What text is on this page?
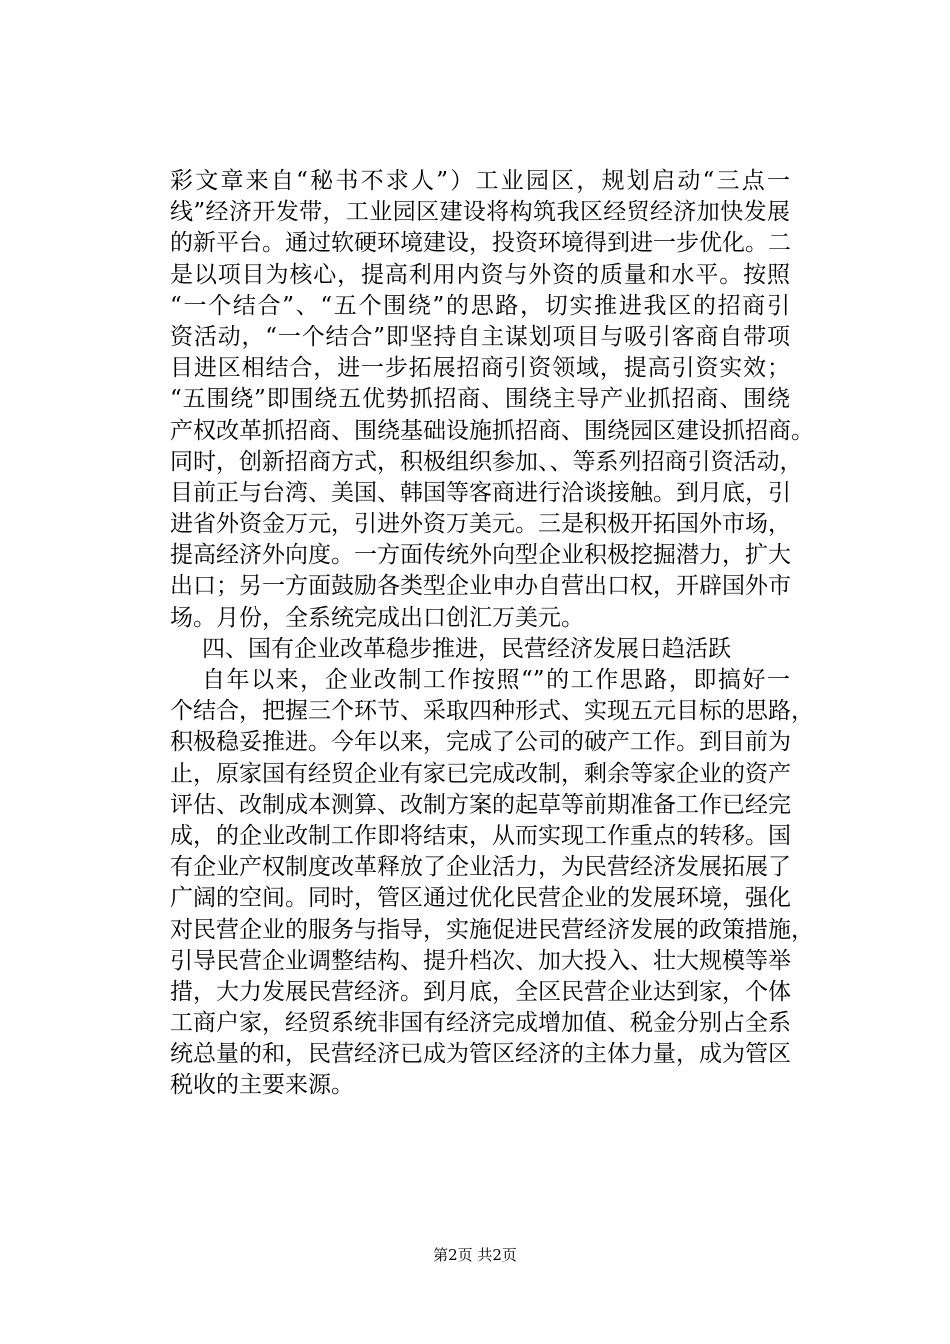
彩文章来自“秘书不求人”）工业园区，规划启动“三点一
线”经济开发带，工业园区建设将构筑我区经贸经济加快发展
的新平台。通过软硬环境建设，投资环境得到进一步优化。二
是以项目为核心，提高利用内资与外资的质量和水平。按照
“一个结合”、“五个围绕”的思路，切实推进我区的招商引
资活动，“一个结合”即坚持自主谋划项目与吸引客商自带项
目进区相结合，进一步拓展招商引资领域，提高引资实效；
“五围绕”即围绕五优势抓招商、围绕主导产业抓招商、围绕
产权改革抓招商、围绕基础设施抓招商、围绕园区建设抓招商。
同时，创新招商方式，积极组织参加、、等系列招商引资活动，
目前正与台湾、美国、韩国等客商进行洽谈接触。到月底，引
进省外资金万元，引进外资万美元。三是积极开拓国外市场，
提高经济外向度。一方面传统外向型企业积极挖掘潜力，扩大
出口；另一方面鼓励各类型企业申办自营出口权，开辟国外市
场。月份，全系统完成出口创汇万美元。
四、国有企业改革稳步推进，民营经济发展日趋活跃
自年以来，企业改制工作按照“”的工作思路，即搞好一
个结合，把握三个环节、采取四种形式、实现五元目标的思路，
积极稳妥推进。今年以来，完成了公司的破产工作。到目前为
止，原家国有经贸企业有家已完成改制，剩余等家企业的资产
评估、改制成本测算、改制方案的起草等前期准备工作已经完
成，的企业改制工作即将结束，从而实现工作重点的转移。国
有企业产权制度改革释放了企业活力，为民营经济发展拓展了
广阔的空间。同时，管区通过优化民营企业的发展环境，强化
对民营企业的服务与指导，实施促进民营经济发展的政策措施，
引导民营企业调整结构、提升档次、加大投入、壮大规模等举
措，大力发展民营经济。到月底，全区民营企业达到家，个体
工商户家，经贸系统非国有经济完成增加值、税金分别占全系
统总量的和，民营经济已成为管区经济的主体力量，成为管区
税收的主要来源。
第2页 共2页
